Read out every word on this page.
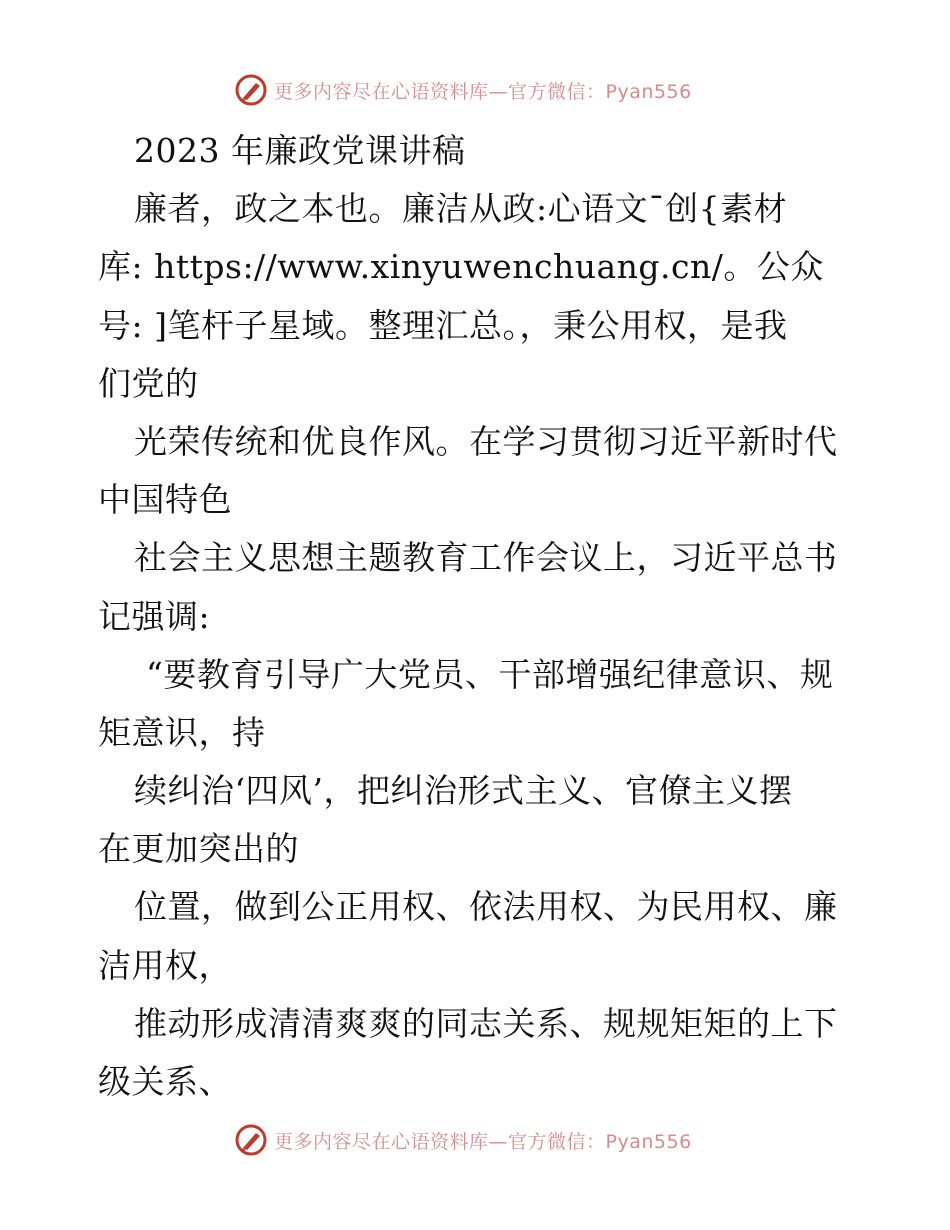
更多内容尽在心语资料库—官方微信：Pyan556
2023 年廉政党课讲稿
廉者，政之本也。廉洁从政:心语文¯创{素材
库: https://www.xinyuwenchuang.cn/。公众
号: ]笔杆子星域。整理汇总。，秉公用权，是我
们党的
光荣传统和优良作风。在学习贯彻习近平新时代
中国特色
社会主义思想主题教育工作会议上，习近平总书
记强调:
“要教育引导广大党员、干部增强纪律意识、规
矩意识，持
续纠治‘四风’，把纠治形式主义、官僚主义摆
在更加突出的
位置，做到公正用权、依法用权、为民用权、廉
洁用权，
推动形成清清爽爽的同志关系、规规矩矩的上下
级关系、
更多内容尽在心语资料库—官方微信：Pyan556
